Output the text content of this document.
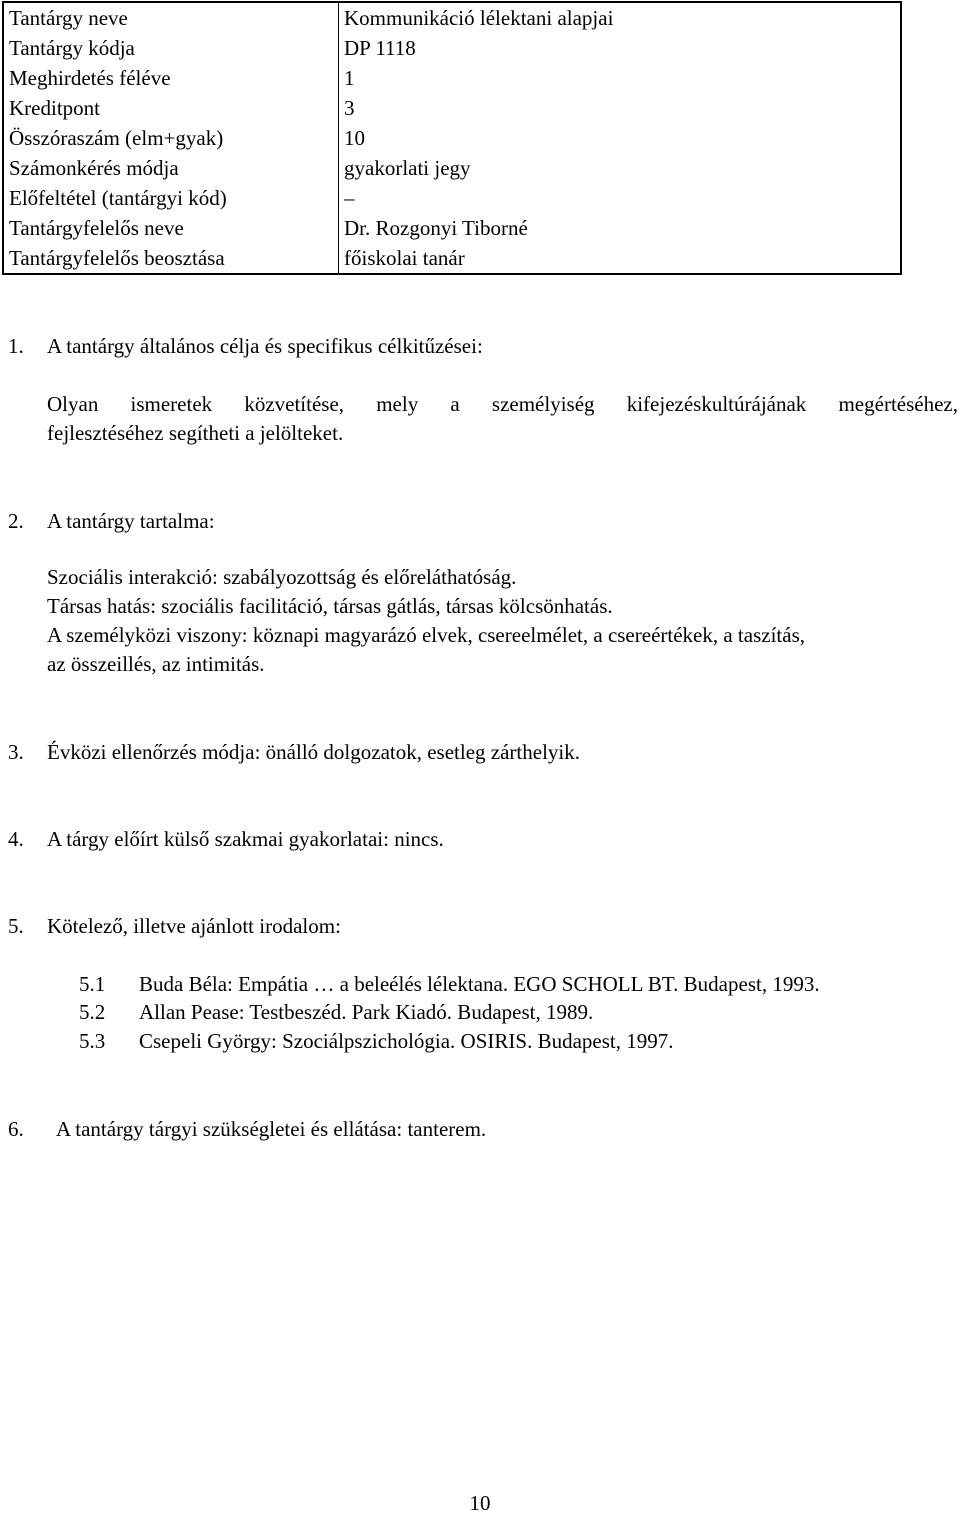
Tantárgy neve	Kommunikáció lélektani alapjai
Tantárgy kódja	DP 1118
Meghirdetés féléve	1
Kreditpont	3
Összóraszám (elm+gyak)	10
Számonkérés módja	gyakorlati jegy
Előfeltétel (tantárgyi kód)	–
Tantárgyfelelős neve	Dr. Rozgonyi Tiborné
Tantárgyfelelős beosztása	főiskolai tanár
1. A tantárgy általános célja és specifikus célkitűzései:
Olyan ismeretek közvetítése, mely a személyiség kifejezéskultúrájának megértéséhez,
fejlesztéséhez segítheti a jelölteket.
2. A tantárgy tartalma:
Szociális interakció: szabályozottság és előreláthatóság.
Társas hatás: szociális facilitáció, társas gátlás, társas kölcsönhatás.
A személyközi viszony: köznapi magyarázó elvek, csereelmélet, a csereértékek, a taszítás,
az összeillés, az intimitás.
3. Évközi ellenőrzés módja: önálló dolgozatok, esetleg zárthelyik.
4. A tárgy előírt külső szakmai gyakorlatai: nincs.
5. Kötelező, illetve ajánlott irodalom:
5.1 Buda Béla: Empátia … a beleélés lélektana. EGO SCHOLL BT. Budapest, 1993.
5.2 Allan Pease: Testbeszéd. Park Kiadó. Budapest, 1989.
5.3 Csepeli György: Szociálpszichológia. OSIRIS. Budapest, 1997.
6. A tantárgy tárgyi szükségletei és ellátása: tanterem.
10
